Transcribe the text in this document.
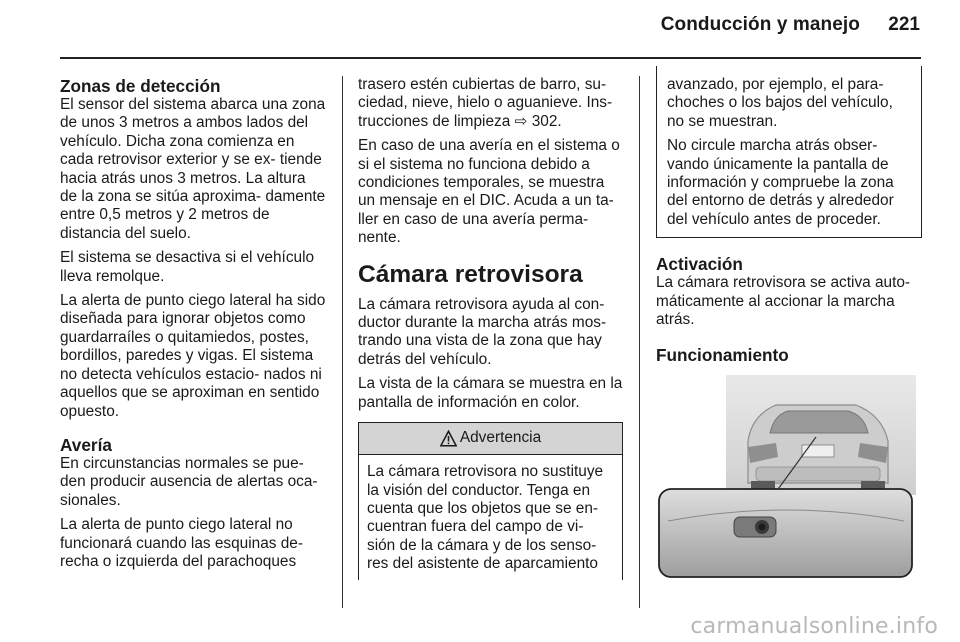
Conducción y manejo	221
Zonas de detección

El sensor del sistema abarca una zona de unos 3 metros a ambos lados del vehículo. Dicha zona comienza en cada retrovisor exterior y se ex‑ tiende hacia atrás unos 3 metros. La altura de la zona se sitúa aproxima‑ damente entre 0,5 metros y 2 metros de distancia del suelo.

El sistema se desactiva si el vehículo lleva remolque.

La alerta de punto ciego lateral ha sido diseñada para ignorar objetos como guardarraíles o quitamiedos, postes, bordillos, paredes y vigas. El sistema no detecta vehículos estacio‑ nados ni aquellos que se aproximan en sentido opuesto.

Avería

En circunstancias normales se pue‑ den producir ausencia de alertas oca‑ sionales.

La alerta de punto ciego lateral no funcionará cuando las esquinas de‑ recha o izquierda del parachoques

trasero estén cubiertas de barro, su‑ ciedad, nieve, hielo o aguanieve. Ins‑ trucciones de limpieza ⇨ 302.

En caso de una avería en el sistema o si el sistema no funciona debido a condiciones temporales, se muestra un mensaje en el DIC. Acuda a un ta‑ ller en caso de una avería perma‑ nente.

Cámara retrovisora

La cámara retrovisora ayuda al con‑ ductor durante la marcha atrás mos‑ trando una vista de la zona que hay detrás del vehículo.

La vista de la cámara se muestra en la pantalla de información en color.

Advertencia
La cámara retrovisora no sustituye la visión del conductor. Tenga en cuenta que los objetos que se en‑ cuentran fuera del campo de vi‑ sión de la cámara y de los senso‑ res del asistente de aparcamiento

avanzado, por ejemplo, el para‑ choches o los bajos del vehículo, no se muestran.

No circule marcha atrás obser‑ vando únicamente la pantalla de información y compruebe la zona del entorno de detrás y alrededor del vehículo antes de proceder.

Activación

La cámara retrovisora se activa auto‑ máticamente al accionar la marcha atrás.

Funcionamiento
carmanualsonline.info
